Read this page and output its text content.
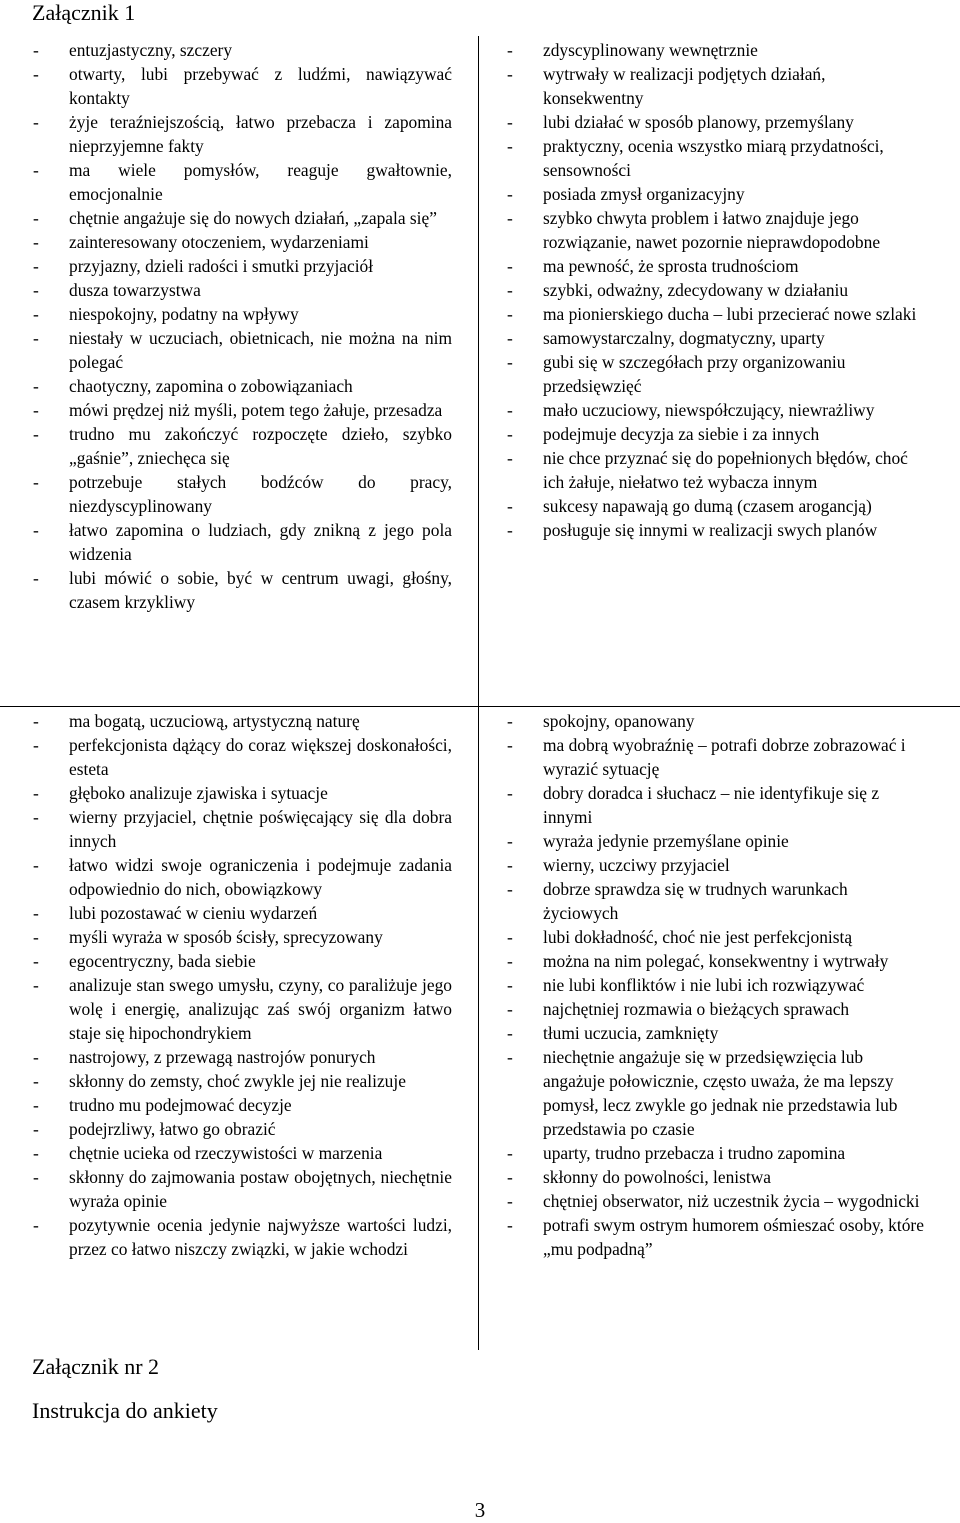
Załącznik 1
- entuzjastyczny, szczery
- otwarty, lubi przebywać z ludźmi, nawiązywać kontakty
- żyje teraźniejszością, łatwo przebacza i zapomina nieprzyjemne fakty
- ma wiele pomysłów, reaguje gwałtownie, emocjonalnie
- chętnie angażuje się do nowych działań, „zapala się”
- zainteresowany otoczeniem, wydarzeniami
- przyjazny, dzieli radości i smutki przyjaciół
- dusza towarzystwa
- niespokojny, podatny na wpływy
- niestały w uczuciach, obietnicach, nie można na nim polegać
- chaotyczny, zapomina o zobowiązaniach
- mówi prędzej niż myśli, potem tego żałuje, przesadza
- trudno mu zakończyć rozpoczęte dzieło, szybko „gaśnie”, zniechęca się
- potrzebuje stałych bodźców do pracy, niezdyscyplinowany
- łatwo zapomina o ludziach, gdy znikną z jego pola widzenia
- lubi mówić o sobie, być w centrum uwagi, głośny, czasem krzykliwy
- zdyscyplinowany wewnętrznie
- wytrwały w realizacji podjętych działań, konsekwentny
- lubi działać w sposób planowy, przemyślany
- praktyczny, ocenia wszystko miarą przydatności, sensowności
- posiada zmysł organizacyjny
- szybko chwyta problem i łatwo znajduje jego rozwiązanie, nawet pozornie nieprawdopodobne
- ma pewność, że sprosta trudnościom
- szybki, odważny, zdecydowany w działaniu
- ma pionierskiego ducha – lubi przecierać nowe szlaki
- samowystarczalny, dogmatyczny, uparty
- gubi się w szczegółach przy organizowaniu przedsięwzięć
- mało uczuciowy, niewspółczujący, niewrażliwy
- podejmuje decyzja za siebie i za innych
- nie chce przyznać się do popełnionych błędów, choć ich żałuje, niełatwo też wybacza innym
- sukcesy napawają go dumą (czasem arogancją)
- posługuje się innymi w realizacji swych planów
- ma bogatą, uczuciową, artystyczną naturę
- perfekcjonista dążący do coraz większej doskonałości, esteta
- głęboko analizuje zjawiska i sytuacje
- wierny przyjaciel, chętnie poświęcający się dla dobra innych
- łatwo widzi swoje ograniczenia i podejmuje zadania odpowiednio do nich, obowiązkowy
- lubi pozostawać w cieniu wydarzeń
- myśli wyraża w sposób ścisły, sprecyzowany
- egocentryczny, bada siebie
- analizuje stan swego umysłu, czyny, co paraliżuje jego wolę i energię, analizując zaś swój organizm łatwo staje się hipochondrykiem
- nastrojowy, z przewagą nastrojów ponurych
- skłonny do zemsty, choć zwykle jej nie realizuje
- trudno mu podejmować decyzje
- podejrzliwy, łatwo go obrazić
- chętnie ucieka od rzeczywistości w marzenia
- skłonny do zajmowania postaw obojętnych, niechętnie wyraża opinie
- pozytywnie ocenia jedynie najwyższe wartości ludzi, przez co łatwo niszczy związki, w jakie wchodzi
- spokojny, opanowany
- ma dobrą wyobraźnię – potrafi dobrze zobrazować i wyrazić sytuację
- dobry doradca i słuchacz – nie identyfikuje się z innymi
- wyraża jedynie przemyślane opinie
- wierny, uczciwy przyjaciel
- dobrze sprawdza się w trudnych warunkach życiowych
- lubi dokładność, choć nie jest perfekcjonistą
- można na nim polegać, konsekwentny i wytrwały
- nie lubi konfliktów i nie lubi ich rozwiązywać
- najchętniej rozmawia o bieżących sprawach
- tłumi uczucia, zamknięty
- niechętnie angażuje się w przedsięwzięcia lub angażuje połowicznie, często uważa, że ma lepszy pomysł, lecz zwykle go jednak nie przedstawia lub przedstawia po czasie
- uparty, trudno przebacza i trudno zapomina
- skłonny do powolności, lenistwa
- chętniej obserwator, niż uczestnik życia – wygodnicki
- potrafi swym ostrym humorem ośmieszać osoby, które „mu podpadną”
Załącznik nr 2
Instrukcja do ankiety
3
